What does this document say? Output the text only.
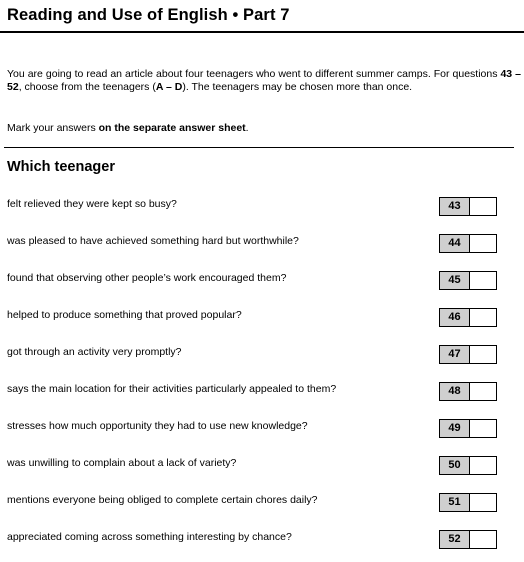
Reading and Use of English • Part 7
You are going to read an article about four teenagers who went to different summer camps. For questions 43 – 52, choose from the teenagers (A – D). The teenagers may be chosen more than once.
Mark your answers on the separate answer sheet.
Which teenager
felt relieved they were kept so busy?	43
was pleased to have achieved something hard but worthwhile?	44
found that observing other people’s work encouraged them?	45
helped to produce something that proved popular?	46
got through an activity very promptly?	47
says the main location for their activities particularly appealed to them?	48
stresses how much opportunity they had to use new knowledge?	49
was unwilling to complain about a lack of variety?	50
mentions everyone being obliged to complete certain chores daily?	51
appreciated coming across something interesting by chance?	52
